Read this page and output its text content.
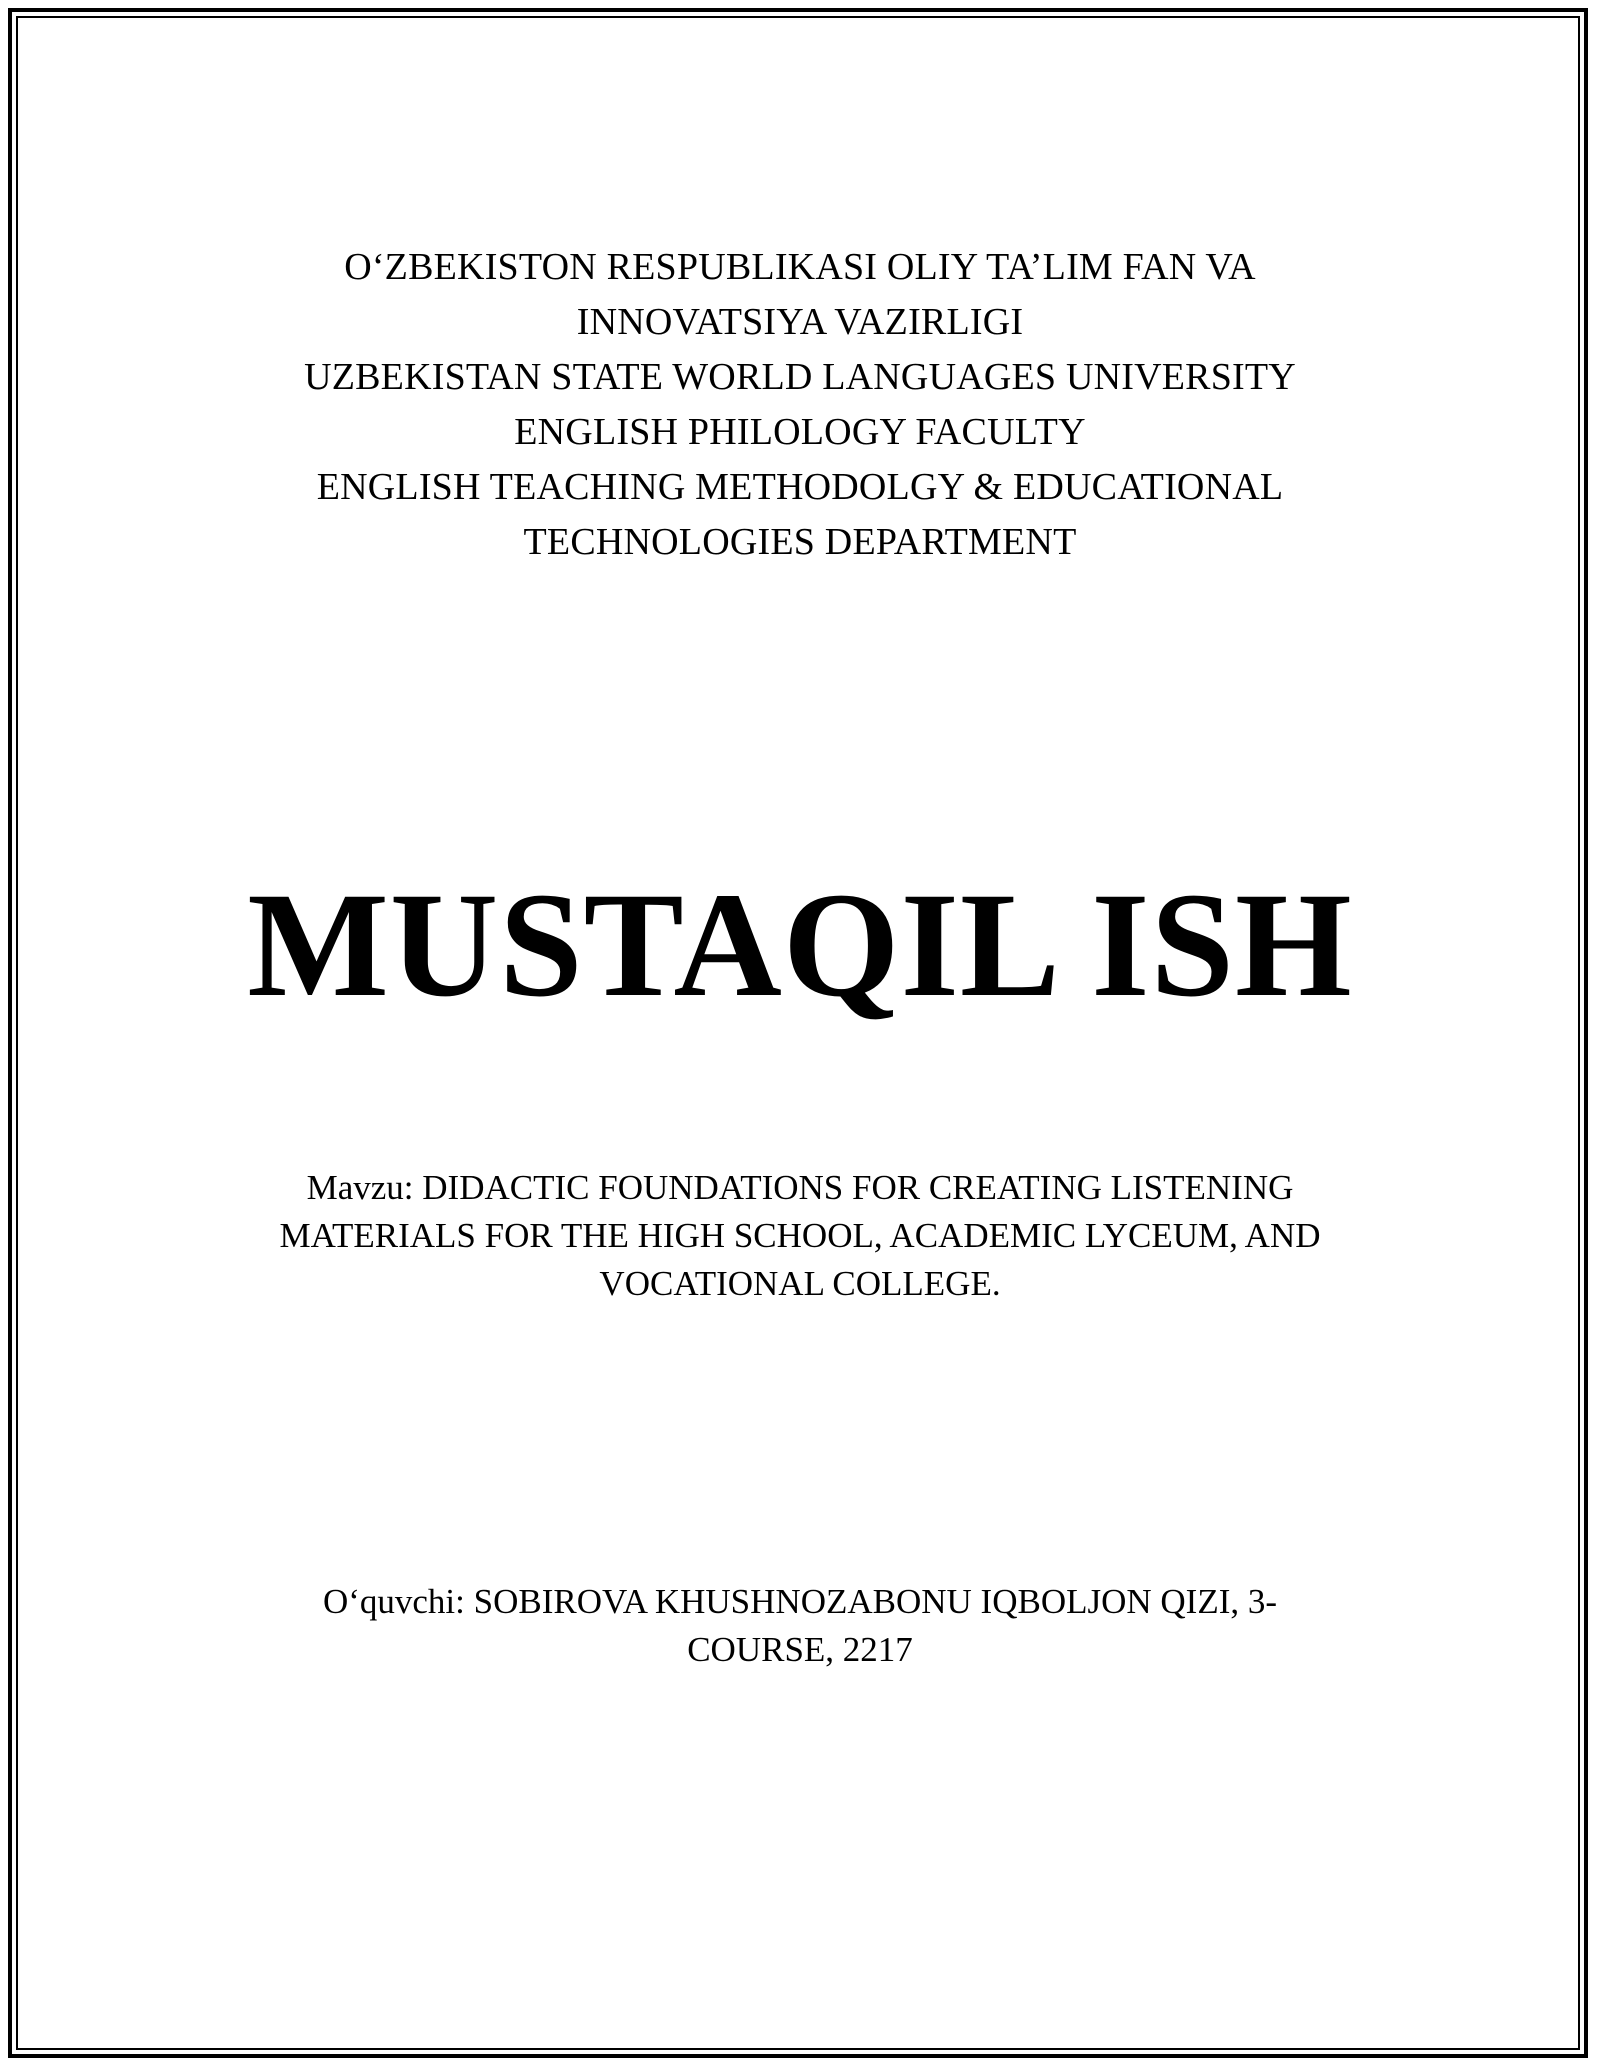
O‘ZBEKISTON RESPUBLIKASI OLIY TA’LIM FAN VA
INNOVATSIYA VAZIRLIGI
UZBEKISTAN STATE WORLD LANGUAGES UNIVERSITY
ENGLISH PHILOLOGY FACULTY
ENGLISH TEACHING METHODOLGY & EDUCATIONAL
TECHNOLOGIES DEPARTMENT
MUSTAQIL ISH
Mavzu: DIDACTIC FOUNDATIONS FOR CREATING LISTENING
MATERIALS FOR THE HIGH SCHOOL, ACADEMIC LYCEUM, AND
VOCATIONAL COLLEGE.
O‘quvchi: SOBIROVA KHUSHNOZABONU IQBOLJON QIZI, 3-
COURSE, 2217
